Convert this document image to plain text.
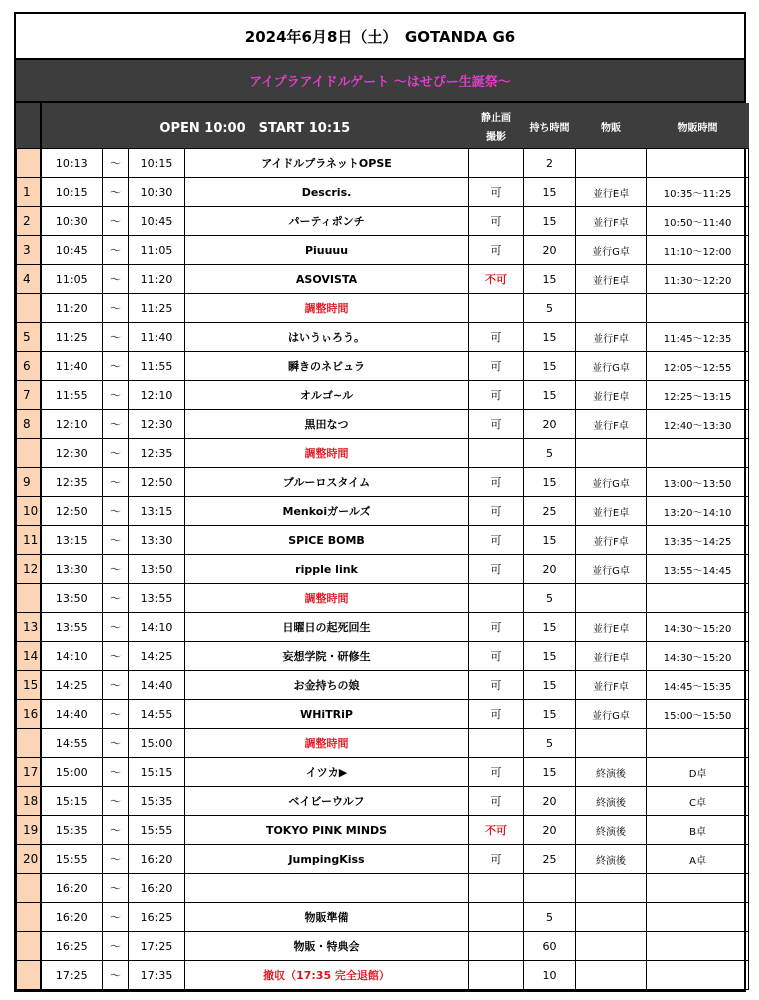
2024年6月8日（土）　GOTANDA G6
アイプラアイドルゲート ～はせぴー生誕祭～
	OPEN 10:00　START 10:15				静止画
撮影	持ち時間	物販	物販時間
	10:13	～	10:15	アイドルプラネットOPSE		2		
1	10:15	～	10:30	Descris.	可	15	並行E卓	10:35～11:25
2	10:30	～	10:45	パーティポンチ	可	15	並行F卓	10:50～11:40
3	10:45	～	11:05	Piuuuu	可	20	並行G卓	11:10～12:00
4	11:05	～	11:20	ASOVISTA	不可	15	並行E卓	11:30～12:20
	11:20	～	11:25	調整時間		5		
5	11:25	～	11:40	はいうぃろう。	可	15	並行F卓	11:45～12:35
6	11:40	～	11:55	瞬きのネビュラ	可	15	並行G卓	12:05～12:55
7	11:55	～	12:10	オルゴ~ル	可	15	並行E卓	12:25～13:15
8	12:10	～	12:30	黒田なつ	可	20	並行F卓	12:40～13:30
	12:30	～	12:35	調整時間		5		
9	12:35	～	12:50	ブルーロスタイム	可	15	並行G卓	13:00～13:50
10	12:50	～	13:15	Menkoiガールズ	可	25	並行E卓	13:20～14:10
11	13:15	～	13:30	SPICE BOMB	可	15	並行F卓	13:35～14:25
12	13:30	～	13:50	ripple link	可	20	並行G卓	13:55～14:45
	13:50	～	13:55	調整時間		5		
13	13:55	～	14:10	日曜日の起死回生	可	15	並行E卓	14:30～15:20
14	14:10	～	14:25	妄想学院・研修生	可	15	並行E卓	14:30～15:20
15	14:25	～	14:40	お金持ちの娘	可	15	並行F卓	14:45～15:35
16	14:40	～	14:55	WHiTRiP	可	15	並行G卓	15:00～15:50
	14:55	～	15:00	調整時間		5		
17	15:00	～	15:15	イツカ▶	可	15	終演後	D卓
18	15:15	～	15:35	ベイビーウルフ	可	20	終演後	C卓
19	15:35	～	15:55	TOKYO PINK MINDS	不可	20	終演後	B卓
20	15:55	～	16:20	JumpingKiss	可	25	終演後	A卓
	16:20	～	16:20					
	16:20	～	16:25	物販準備		5		
	16:25	～	17:25	物販・特典会		60		
	17:25	～	17:35	撤収（17:35 完全退館）		10		
